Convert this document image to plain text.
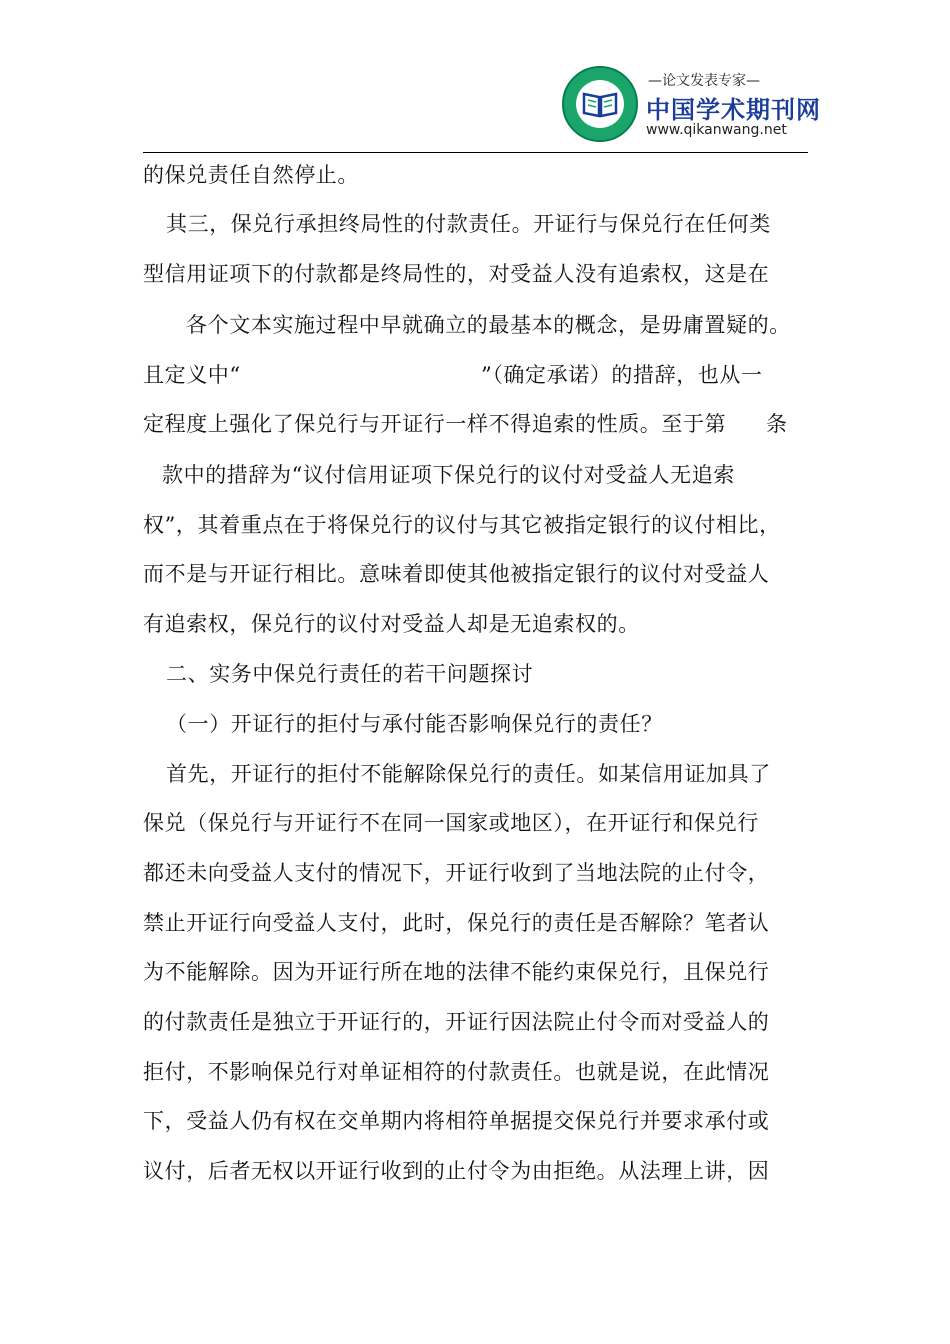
—论文发表专家—
中国学术期刊网
www.qikanwang.net
的保兑责任自然停止。
其三，保兑行承担终局性的付款责任。开证行与保兑行在任何类
型信用证项下的付款都是终局性的，对受益人没有追索权，这是在
各个文本实施过程中早就确立的最基本的概念，是毋庸置疑的。
且定义中“	”（确定承诺）的措辞，也从一
定程度上强化了保兑行与开证行一样不得追索的性质。至于第 条
款中的措辞为“议付信用证项下保兑行的议付对受益人无追索
权”，其着重点在于将保兑行的议付与其它被指定银行的议付相比，
而不是与开证行相比。意味着即使其他被指定银行的议付对受益人
有追索权，保兑行的议付对受益人却是无追索权的。
二、实务中保兑行责任的若干问题探讨
（一）开证行的拒付与承付能否影响保兑行的责任？
首先，开证行的拒付不能解除保兑行的责任。如某信用证加具了
保兑（保兑行与开证行不在同一国家或地区），在开证行和保兑行
都还未向受益人支付的情况下，开证行收到了当地法院的止付令，
禁止开证行向受益人支付，此时，保兑行的责任是否解除？笔者认
为不能解除。因为开证行所在地的法律不能约束保兑行，且保兑行
的付款责任是独立于开证行的，开证行因法院止付令而对受益人的
拒付，不影响保兑行对单证相符的付款责任。也就是说，在此情况
下，受益人仍有权在交单期内将相符单据提交保兑行并要求承付或
议付，后者无权以开证行收到的止付令为由拒绝。从法理上讲，因
